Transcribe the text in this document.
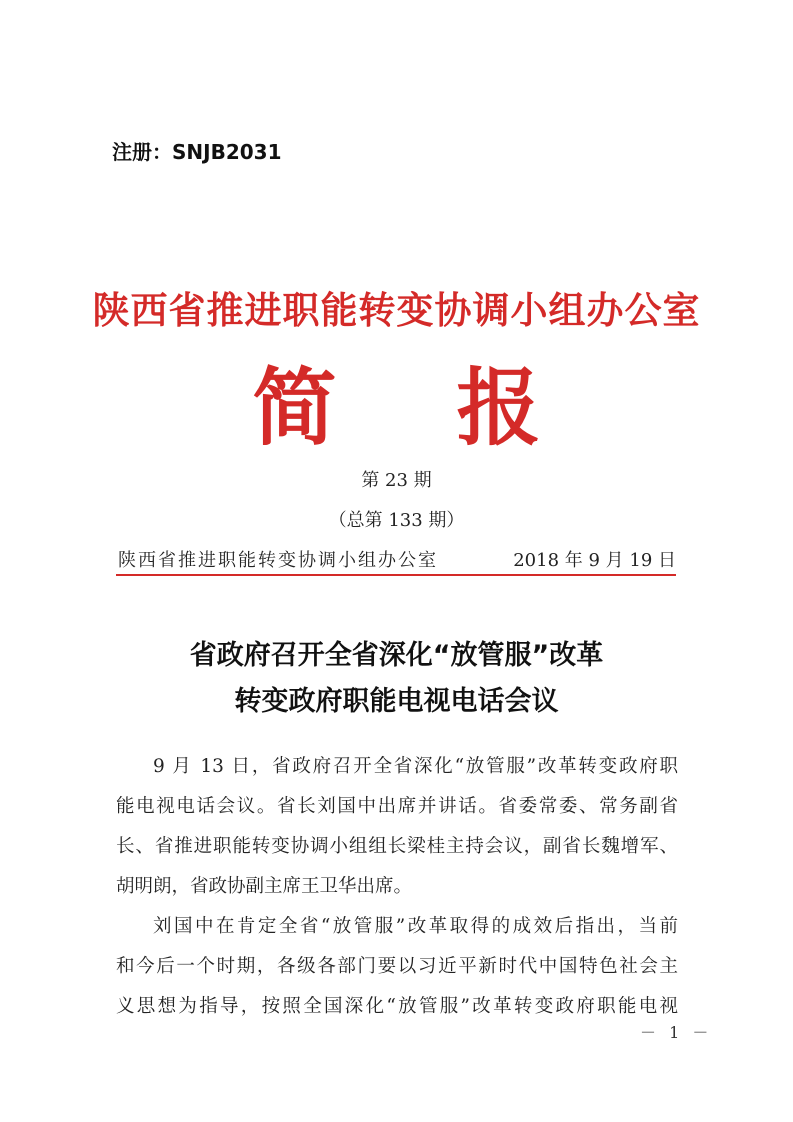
注册：SNJB2031
陕西省推进职能转变协调小组办公室
简 报
第 23 期
（总第 133 期）
陕西省推进职能转变协调小组办公室	2018 年 9 月 19 日
省政府召开全省深化“放管服”改革
转变政府职能电视电话会议
9 月 13 日，省政府召开全省深化“放管服”改革转变政府职
能电视电话会议。省长刘国中出席并讲话。省委常委、常务副省
长、省推进职能转变协调小组组长梁桂主持会议，副省长魏增军、
胡明朗，省政协副主席王卫华出席。
刘国中在肯定全省“放管服”改革取得的成效后指出，当前
和今后一个时期，各级各部门要以习近平新时代中国特色社会主
义思想为指导，按照全国深化“放管服”改革转变政府职能电视
－ 1 －
